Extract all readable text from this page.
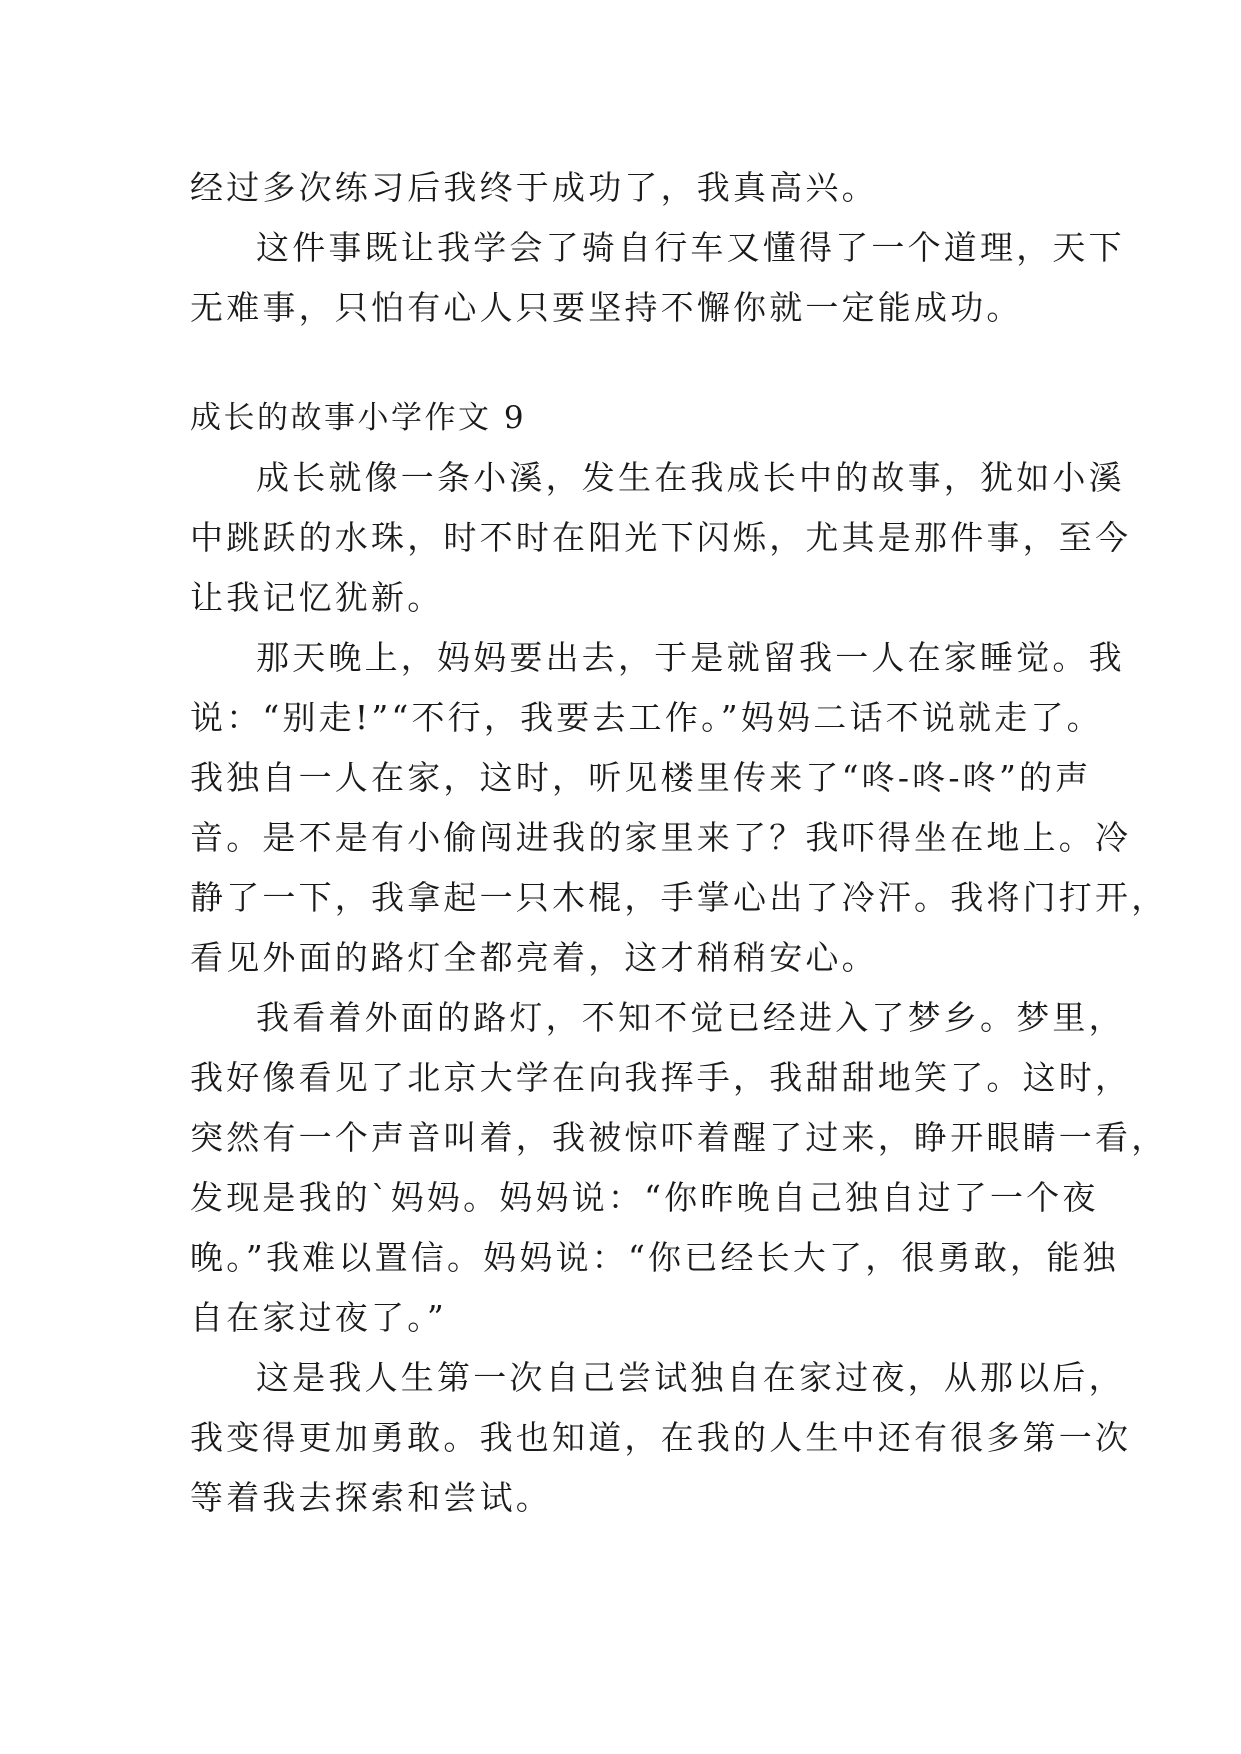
经过多次练习后我终于成功了，我真高兴。
这件事既让我学会了骑自行车又懂得了一个道理，天下
无难事，只怕有心人只要坚持不懈你就一定能成功。
成长的故事小学作文 9
成长就像一条小溪，发生在我成长中的故事，犹如小溪
中跳跃的水珠，时不时在阳光下闪烁，尤其是那件事，至今
让我记忆犹新。
那天晚上，妈妈要出去，于是就留我一人在家睡觉。我
说：“别走!”“不行，我要去工作。”妈妈二话不说就走了。
我独自一人在家，这时，听见楼里传来了“咚-咚-咚”的声
音。是不是有小偷闯进我的家里来了？我吓得坐在地上。冷
静了一下，我拿起一只木棍，手掌心出了冷汗。我将门打开，
看见外面的路灯全都亮着，这才稍稍安心。
我看着外面的路灯，不知不觉已经进入了梦乡。梦里，
我好像看见了北京大学在向我挥手，我甜甜地笑了。这时，
突然有一个声音叫着，我被惊吓着醒了过来，睁开眼睛一看，
发现是我的`妈妈。妈妈说：“你昨晚自己独自过了一个夜
晚。”我难以置信。妈妈说：“你已经长大了，很勇敢，能独
自在家过夜了。”
这是我人生第一次自己尝试独自在家过夜，从那以后，
我变得更加勇敢。我也知道，在我的人生中还有很多第一次
等着我去探索和尝试。
